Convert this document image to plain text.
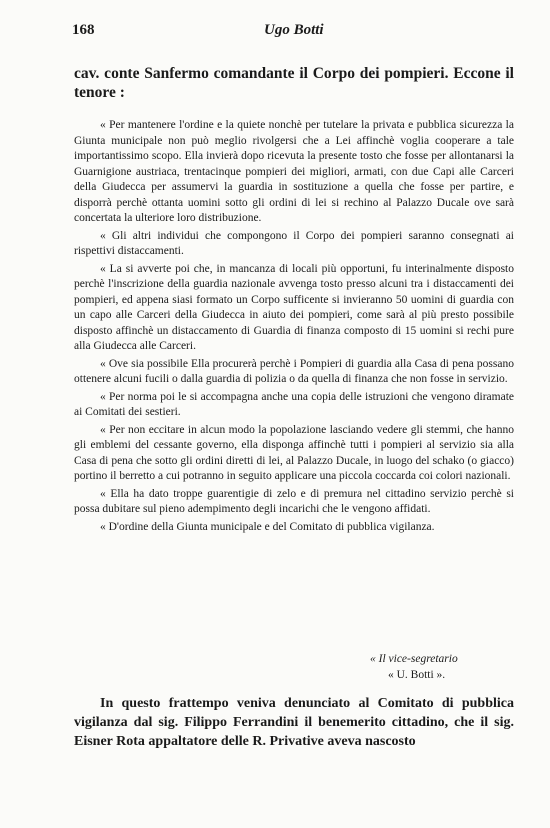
168	Ugo Botti
cav. conte Sanfermo comandante il Corpo dei pompieri. Eccone il tenore :

« Per mantenere l'ordine e la quiete nonchè per tutelare la privata e pubblica sicurezza la Giunta municipale non può meglio rivolgersi che a Lei affinchè voglia cooperare a tale importantissimo scopo. Ella invierà dopo ricevuta la presente tosto che fosse per allontanarsi la Guarnigione austriaca, trentacinque pompieri dei migliori, armati, con due Capi alle Carceri della Giudecca per assumervi la guardia in sostituzione a quella che fosse per partire, e disporrà perchè ottanta uomini sotto gli ordini di lei si rechino al Palazzo Ducale ove sarà concertata la ulteriore loro distribuzione.

« Gli altri individui che compongono il Corpo dei pompieri saranno consegnati ai rispettivi distaccamenti.

« La si avverte poi che, in mancanza di locali più opportuni, fu interinalmente disposto perchè l'inscrizione della guardia nazionale avvenga tosto presso alcuni tra i distaccamenti dei pompieri, ed appena siasi formato un Corpo sufficente si invieranno 50 uomini di guardia con un capo alle Carceri della Giudecca in aiuto dei pompieri, come sarà al più presto possibile disposto affinchè un distaccamento di Guardia di finanza composto di 15 uomini si rechi pure alla Giudecca alle Carceri.

« Ove sia possibile Ella procurerà perchè i Pompieri di guardia alla Casa di pena possano ottenere alcuni fucili o dalla guardia di polizia o da quella di finanza che non fosse in servizio.

« Per norma poi le si accompagna anche una copia delle istruzioni che vengono diramate ai Comitati dei sestieri.

« Per non eccitare in alcun modo la popolazione lasciando vedere gli stemmi, che hanno gli emblemi del cessante governo, ella disponga affinchè tutti i pompieri al servizio sia alla Casa di pena che sotto gli ordini diretti di lei, al Palazzo Ducale, in luogo del schako (o giacco) portino il berretto a cui potranno in seguito applicare una piccola coccarda coi colori nazionali.

« Ella ha dato troppe guarentigie di zelo e di premura nel cittadino servizio perchè si possa dubitare sul pieno adempimento degli incarichi che le vengono affidati.

« D'ordine della Giunta municipale e del Comitato di pubblica vigilanza.

« Il vice-segretario
« U. Botti ».
In questo frattempo veniva denunciato al Comitato di pubblica vigilanza dal sig. Filippo Ferrandini il benemerito cittadino, che il sig. Eisner Rota appaltatore delle R. Privative aveva nascosto
